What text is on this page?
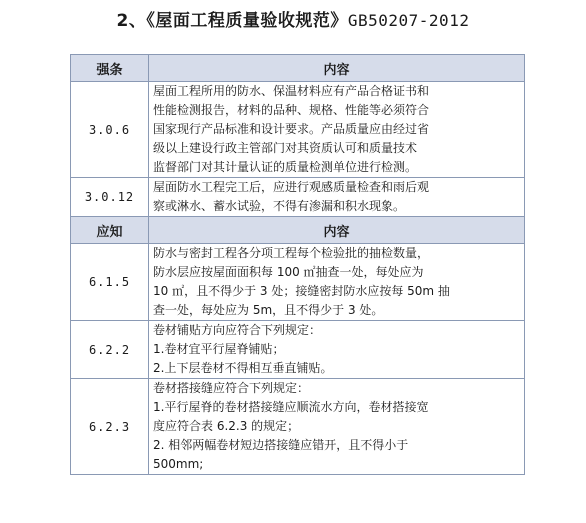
2、《屋面工程质量验收规范》GB50207-2012
强条	内容
3.0.6	屋面工程所用的防水、保温材料应有产品合格证书和
性能检测报告，材料的品种、规格、性能等必须符合
国家现行产品标准和设计要求。产品质量应由经过省
级以上建设行政主管部门对其资质认可和质量技术
监督部门对其计量认证的质量检测单位进行检测。

3.0.12	屋面防水工程完工后，应进行观感质量检查和雨后观
察或淋水、蓄水试验，不得有渗漏和积水现象。

应知	内容
6.1.5	防水与密封工程各分项工程每个检验批的抽检数量，
防水层应按屋面面积每 100 ㎡抽查一处，每处应为
10 ㎡，且不得少于 3 处；接缝密封防水应按每 50m 抽
查一处，每处应为 5m，且不得少于 3 处。

6.2.2	卷材铺贴方向应符合下列规定：
1.卷材宜平行屋脊铺贴；
2.上下层卷材不得相互垂直铺贴。

6.2.3	卷材搭接缝应符合下列规定：
1.平行屋脊的卷材搭接缝应顺流水方向，卷材搭接宽
度应符合表 6.2.3 的规定；
2. 相邻两幅卷材短边搭接缝应错开，且不得小于
500mm;
